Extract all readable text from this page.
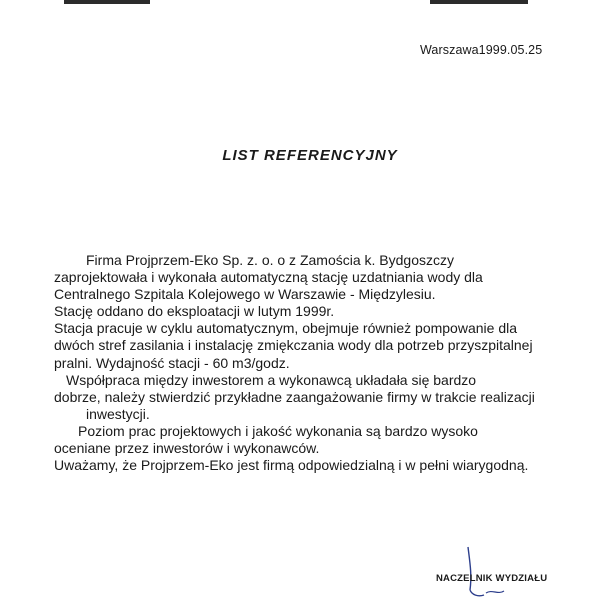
Warszawa1999.05.25
LIST REFERENCYJNY
Firma Projprzem-Eko Sp. z. o. o z Zamościa k. Bydgoszczy
zaprojektowała i wykonała automatyczną stację uzdatniania wody dla
Centralnego Szpitala Kolejowego w Warszawie - Międzylesiu.
Stację oddano do eksploatacji w lutym 1999r.
Stacja pracuje w cyklu automatycznym, obejmuje również pompowanie dla
dwóch stref zasilania i instalację zmiękczania wody dla potrzeb przyszpitalnej
pralni. Wydajność stacji - 60 m3/godz.
Współpraca między inwestorem a wykonawcą układała się bardzo
dobrze, należy stwierdzić przykładne zaangażowanie firmy w trakcie realizacji
inwestycji.
Poziom prac projektowych i jakość wykonania są bardzo wysoko
oceniane przez inwestorów i wykonawców.
Uważamy, że Projprzem-Eko jest firmą odpowiedzialną i w pełni wiarygodną.
NACZELNIK WYDZIAŁU
